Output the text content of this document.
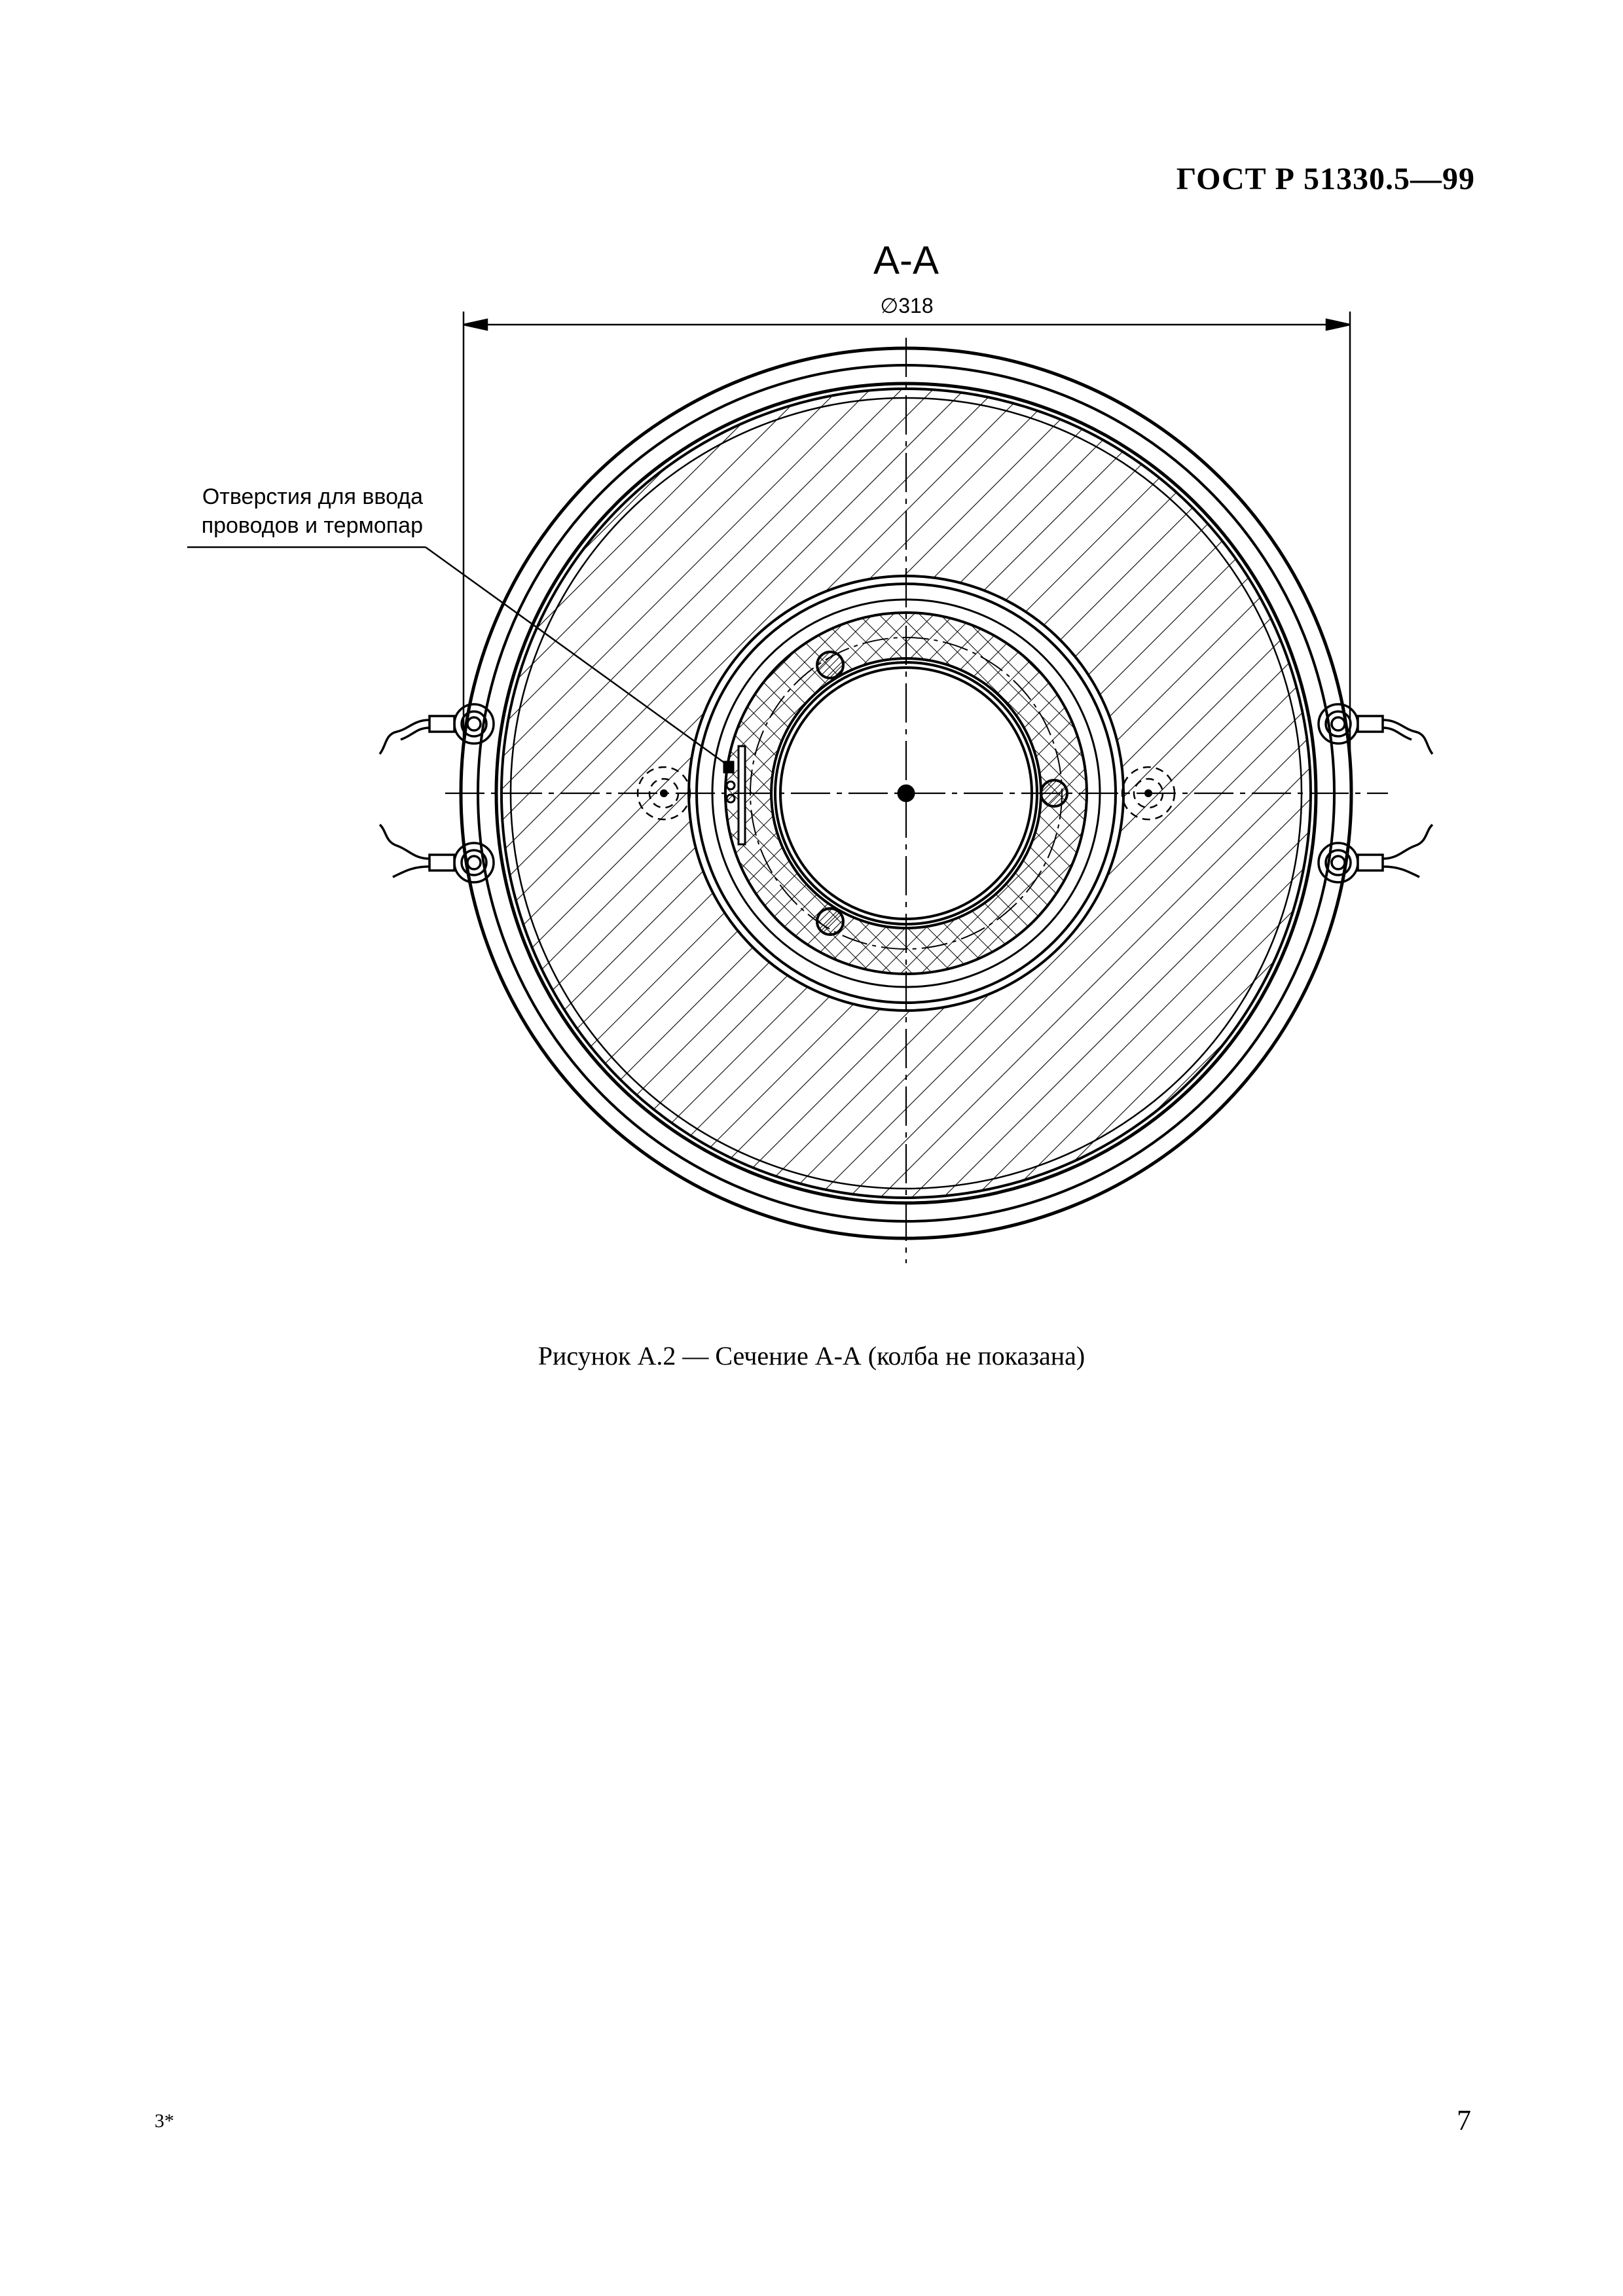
ГОСТ Р 51330.5—99
А-А
∅318
Отверстия для ввода
проводов и термопар
Рисунок А.2 — Сечение А-А (колба не показана)
3*	7
